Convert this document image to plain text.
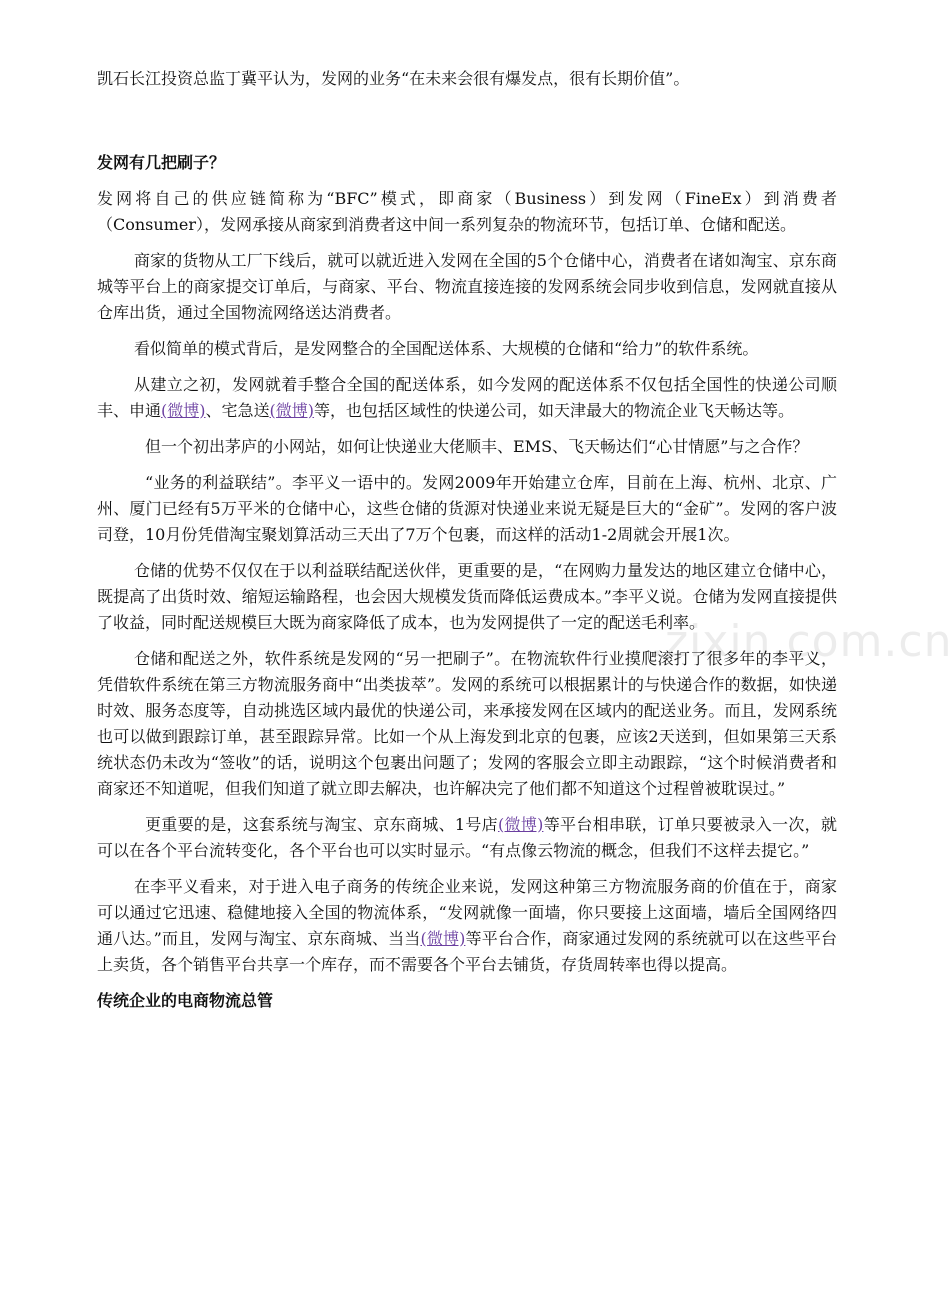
.zixin.com.cn

凯石长江投资总监丁冀平认为，发网的业务“在未来会很有爆发点，很有长期价值”。

发网有几把刷子？

发网将自己的供应链简称为“BFC”模式，即商家（Business）到发网（FineEx）到消费者（Consumer），发网承接从商家到消费者这中间一系列复杂的物流环节，包括订单、仓储和配送。

商家的货物从工厂下线后，就可以就近进入发网在全国的5个仓储中心，消费者在诸如淘宝、京东商城等平台上的商家提交订单后，与商家、平台、物流直接连接的发网系统会同步收到信息，发网就直接从仓库出货，通过全国物流网络送达消费者。

看似简单的模式背后，是发网整合的全国配送体系、大规模的仓储和“给力”的软件系统。

从建立之初，发网就着手整合全国的配送体系，如今发网的配送体系不仅包括全国性的快递公司顺丰、申通(微博)、宅急送(微博)等，也包括区域性的快递公司，如天津最大的物流企业飞天畅达等。

但一个初出茅庐的小网站，如何让快递业大佬顺丰、EMS、飞天畅达们“心甘情愿”与之合作？

“业务的利益联结”。李平义一语中的。发网2009年开始建立仓库，目前在上海、杭州、北京、广州、厦门已经有5万平米的仓储中心，这些仓储的货源对快递业来说无疑是巨大的“金矿”。发网的客户波司登，10月份凭借淘宝聚划算活动三天出了7万个包裹，而这样的活动1-2周就会开展1次。

仓储的优势不仅仅在于以利益联结配送伙伴，更重要的是，“在网购力量发达的地区建立仓储中心，既提高了出货时效、缩短运输路程，也会因大规模发货而降低运费成本。”李平义说。仓储为发网直接提供了收益，同时配送规模巨大既为商家降低了成本，也为发网提供了一定的配送毛利率。

仓储和配送之外，软件系统是发网的“另一把刷子”。在物流软件行业摸爬滚打了很多年的李平义，凭借软件系统在第三方物流服务商中“出类拔萃”。发网的系统可以根据累计的与快递合作的数据，如快递时效、服务态度等，自动挑选区域内最优的快递公司，来承接发网在区域内的配送业务。而且，发网系统也可以做到跟踪订单，甚至跟踪异常。比如一个从上海发到北京的包裹，应该2天送到，但如果第三天系统状态仍未改为“签收”的话，说明这个包裹出问题了；发网的客服会立即主动跟踪，“这个时候消费者和商家还不知道呢，但我们知道了就立即去解决，也许解决完了他们都不知道这个过程曾被耽误过。”

更重要的是，这套系统与淘宝、京东商城、1号店(微博)等平台相串联，订单只要被录入一次，就可以在各个平台流转变化，各个平台也可以实时显示。“有点像云物流的概念，但我们不这样去提它。”

在李平义看来，对于进入电子商务的传统企业来说，发网这种第三方物流服务商的价值在于，商家可以通过它迅速、稳健地接入全国的物流体系，“发网就像一面墙，你只要接上这面墙，墙后全国网络四通八达。”而且，发网与淘宝、京东商城、当当(微博)等平台合作，商家通过发网的系统就可以在这些平台上卖货，各个销售平台共享一个库存，而不需要各个平台去铺货，存货周转率也得以提高。

传统企业的电商物流总管
